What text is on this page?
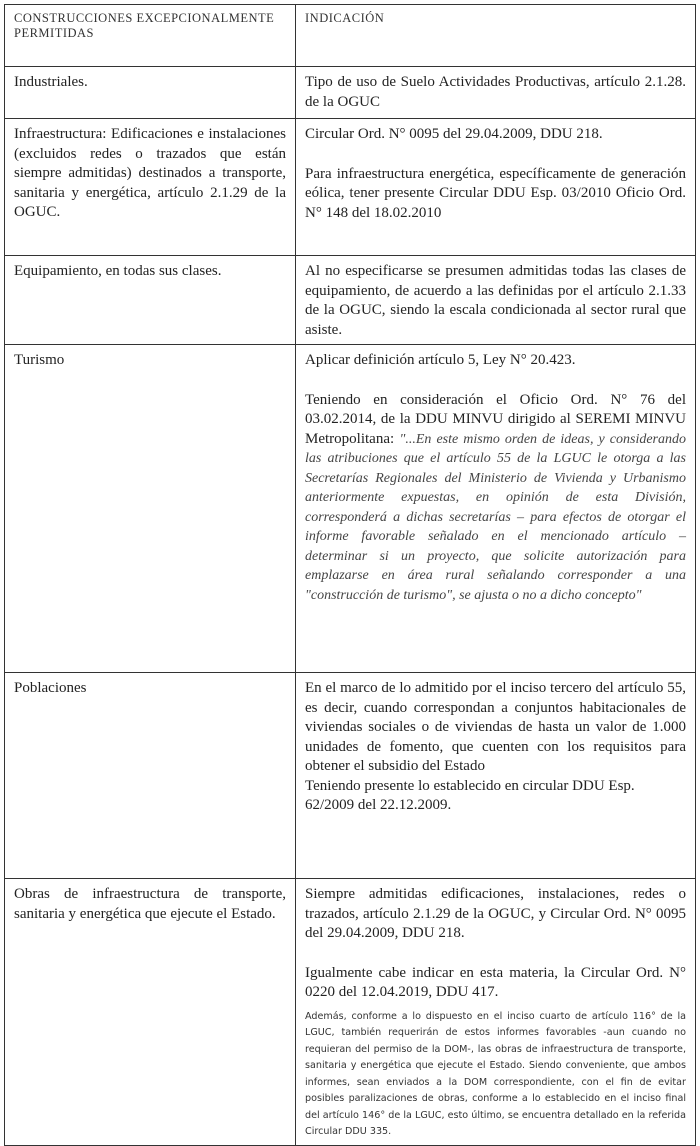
CONSTRUCCIONES EXCEPCIONALMENTE PERMITIDAS	INDICACIÓN
Industriales.	Tipo de uso de Suelo Actividades Productivas, artículo 2.1.28. de la OGUC

Infraestructura: Edificaciones e instalaciones (excluidos redes o trazados que están siempre admitidas) destinados a transporte, sanitaria y energética, artículo 2.1.29 de la OGUC.	Circular Ord. N° 0095 del 29.04.2009, DDU 218.

Para infraestructura energética, específicamente de generación eólica, tener presente Circular DDU Esp. 03/2010 Oficio Ord. N° 148 del 18.02.2010

Equipamiento, en todas sus clases.	Al no especificarse se presumen admitidas todas las clases de equipamiento, de acuerdo a las definidas por el artículo 2.1.33 de la OGUC, siendo la escala condicionada al sector rural que asiste.

Turismo	Aplicar definición artículo 5, Ley N° 20.423.

Teniendo en consideración el Oficio Ord. N° 76 del 03.02.2014, de la DDU MINVU dirigido al SEREMI MINVU Metropolitana: "...En este mismo orden de ideas, y considerando las atribuciones que el artículo 55 de la LGUC le otorga a las Secretarías Regionales del Ministerio de Vivienda y Urbanismo anteriormente expuestas, en opinión de esta División, corresponderá a dichas secretarías – para efectos de otorgar el informe favorable señalado en el mencionado artículo – determinar si un proyecto, que solicite autorización para emplazarse en área rural señalando corresponder a una "construcción de turismo", se ajusta o no a dicho concepto"

Poblaciones	En el marco de lo admitido por el inciso tercero del artículo 55, es decir, cuando correspondan a conjuntos habitacionales de viviendas sociales o de viviendas de hasta un valor de 1.000 unidades de fomento, que cuenten con los requisitos para obtener el subsidio del Estado

Teniendo presente lo establecido en circular DDU Esp. 62/2009 del 22.12.2009.

Obras de infraestructura de transporte, sanitaria y energética que ejecute el Estado.	Siempre admitidas edificaciones, instalaciones, redes o trazados, artículo 2.1.29 de la OGUC, y Circular Ord. N° 0095 del 29.04.2009, DDU 218.

Igualmente cabe indicar en esta materia, la Circular Ord. N° 0220 del 12.04.2019, DDU 417.

Además, conforme a lo dispuesto en el inciso cuarto de artículo 116° de la LGUC, también requerirán de estos informes favorables -aun cuando no requieran del permiso de la DOM-, las obras de infraestructura de transporte, sanitaria y energética que ejecute el Estado. Siendo conveniente, que ambos informes, sean enviados a la DOM correspondiente, con el fin de evitar posibles paralizaciones de obras, conforme a lo establecido en el inciso final del artículo 146° de la LGUC, esto último, se encuentra detallado en la referida Circular DDU 335.
